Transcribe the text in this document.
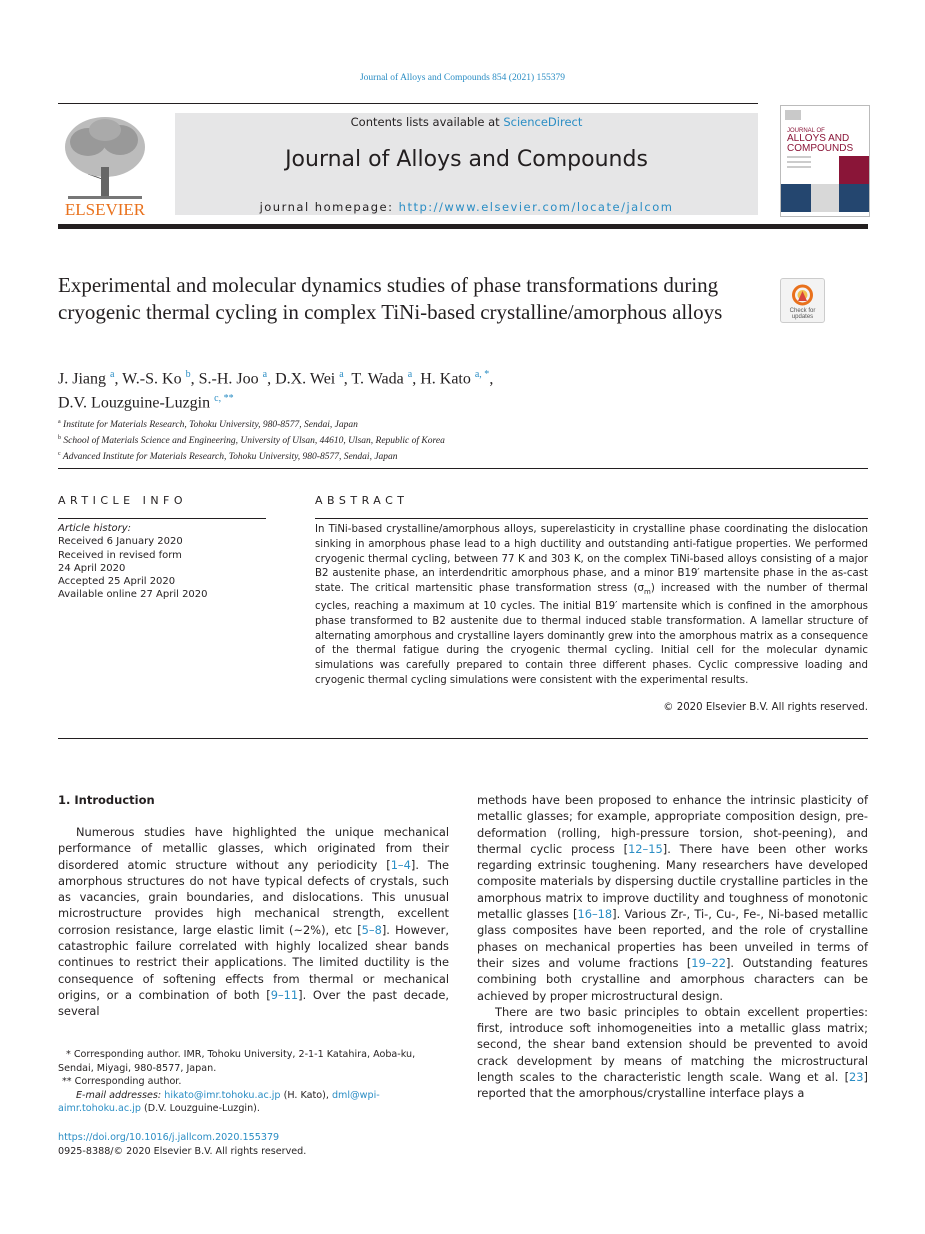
Journal of Alloys and Compounds 854 (2021) 155379
ELSEVIER
Contents lists available at ScienceDirect
Journal of Alloys and Compounds
journal homepage: http://www.elsevier.com/locate/jalcom
JOURNAL OF
ALLOYS AND
COMPOUNDS
Experimental and molecular dynamics studies of phase transformations during cryogenic thermal cycling in complex TiNi-based crystalline/amorphous alloys	Check for
updates
J. Jiang $^a$, W.-S. Ko $^b$, S.-H. Joo $^a$, D.X. Wei $^a$, T. Wada $^a$, H. Kato $^{a, *}$,
D.V. Louzguine-Luzgin $^{c, **}$
$^a$ Institute for Materials Research, Tohoku University, 980-8577, Sendai, Japan
$^b$ School of Materials Science and Engineering, University of Ulsan, 44610, Ulsan, Republic of Korea
$^c$ Advanced Institute for Materials Research, Tohoku University, 980-8577, Sendai, Japan
ARTICLE INFO
Article history:
Received 6 January 2020
Received in revised form
24 April 2020
Accepted 25 April 2020
Available online 27 April 2020
ABSTRACT
In TiNi-based crystalline/amorphous alloys, superelasticity in crystalline phase coordinating the dislocation sinking in amorphous phase lead to a high ductility and outstanding anti-fatigue properties. We performed cryogenic thermal cycling, between 77 K and 303 K, on the complex TiNi-based alloys consisting of a major B2 austenite phase, an interdendritic amorphous phase, and a minor B19′ martensite phase in the as-cast state. The critical martensitic phase transformation stress $(\sigma_m)$ increased with the number of thermal cycles, reaching a maximum at 10 cycles. The initial B19′ martensite which is confined in the amorphous phase transformed to B2 austenite due to thermal induced stable transformation. A lamellar structure of alternating amorphous and crystalline layers dominantly grew into the amorphous matrix as a consequence of the thermal fatigue during the cryogenic thermal cycling. Initial cell for the molecular dynamic simulations was carefully prepared to contain three different phases. Cyclic compressive loading and cryogenic thermal cycling simulations were consistent with the experimental results.
© 2020 Elsevier B.V. All rights reserved.
1. Introduction

Numerous studies have highlighted the unique mechanical performance of metallic glasses, which originated from their disordered atomic structure without any periodicity [1–4]. The amorphous structures do not have typical defects of crystals, such as vacancies, grain boundaries, and dislocations. This unusual microstructure provides high mechanical strength, excellent corrosion resistance, large elastic limit (~2%), etc [5–8]. However, catastrophic failure correlated with highly localized shear bands continues to restrict their applications. The limited ductility is the consequence of softening effects from thermal or mechanical origins, or a combination of both [9–11]. Over the past decade, several

methods have been proposed to enhance the intrinsic plasticity of metallic glasses; for example, appropriate composition design, pre-deformation (rolling, high-pressure torsion, shot-peening), and thermal cyclic process [12–15]. There have been other works regarding extrinsic toughening. Many researchers have developed composite materials by dispersing ductile crystalline particles in the amorphous matrix to improve ductility and toughness of monotonic metallic glasses [16–18]. Various Zr-, Ti-, Cu-, Fe-, Ni-based metallic glass composites have been reported, and the role of crystalline phases on mechanical properties has been unveiled in terms of their sizes and volume fractions [19–22]. Outstanding features combining both crystalline and amorphous characters can be achieved by proper microstructural design.

There are two basic principles to obtain excellent properties: first, introduce soft inhomogeneities into a metallic glass matrix; second, the shear band extension should be prevented to avoid crack development by means of matching the microstructural length scales to the characteristic length scale. Wang et al. [23] reported that the amorphous/crystalline interface plays a

* Corresponding author. IMR, Tohoku University, 2-1-1 Katahira, Aoba-ku, Sendai, Miyagi, 980-8577, Japan.

** Corresponding author.

E-mail addresses: hikato@imr.tohoku.ac.jp (H. Kato), dml@wpi-aimr.tohoku.ac.jp (D.V. Louzguine-Luzgin).

https://doi.org/10.1016/j.jallcom.2020.155379
0925-8388/© 2020 Elsevier B.V. All rights reserved.
